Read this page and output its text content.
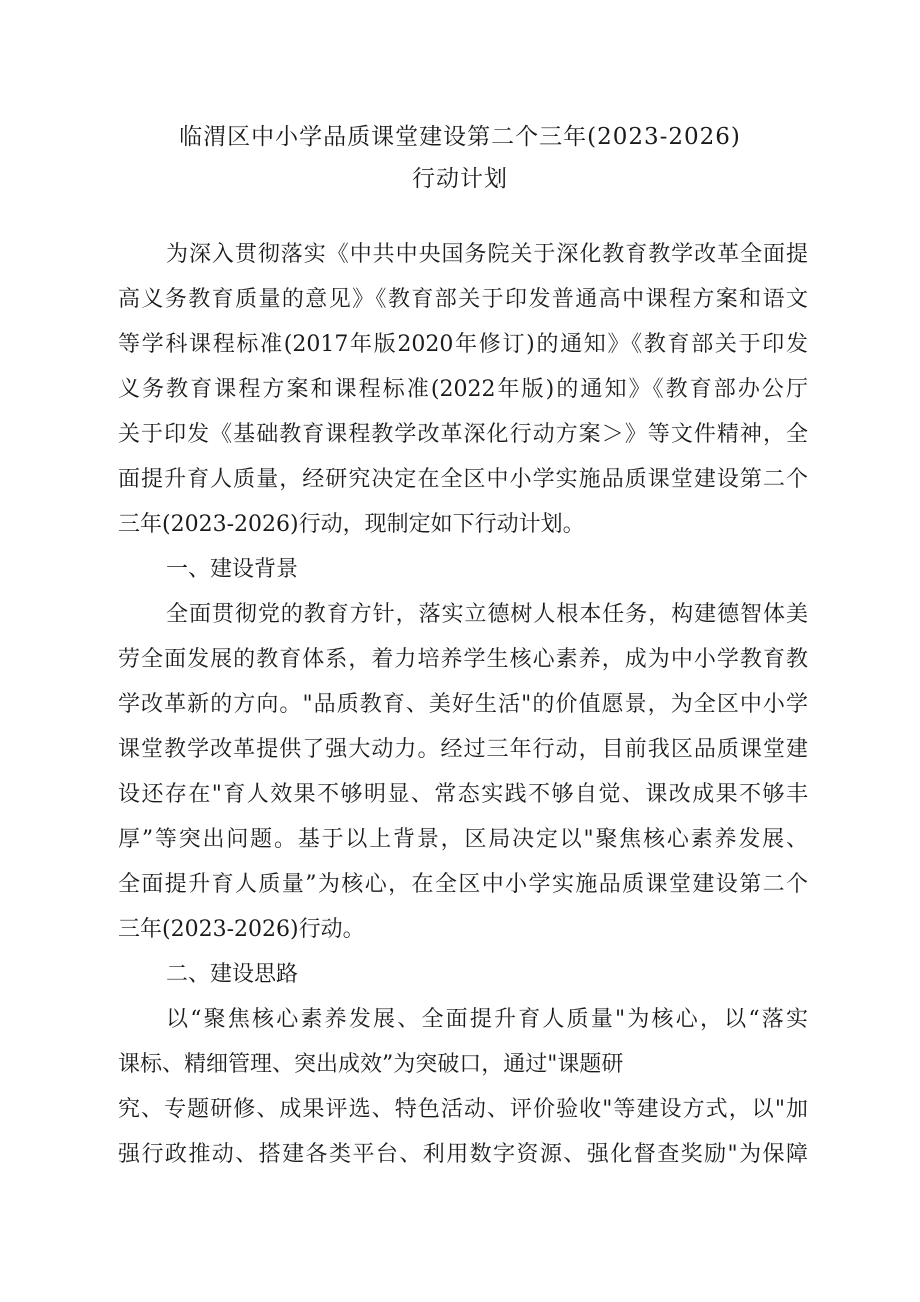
临渭区中小学品质课堂建设第二个三年(2023-2026)
行动计划
为深入贯彻落实《中共中央国务院关于深化教育教学改革全面提
高义务教育质量的意见》《教育部关于印发普通高中课程方案和语文
等学科课程标准(2017年版2020年修订)的通知》《教育部关于印发
义务教育课程方案和课程标准(2022年版)的通知》《教育部办公厅
关于印发《基础教育课程教学改革深化行动方案＞》等文件精神，全
面提升育人质量，经研究决定在全区中小学实施品质课堂建设第二个
三年(2023-2026)行动，现制定如下行动计划。
一、建设背景
全面贯彻党的教育方针，落实立德树人根本任务，构建德智体美
劳全面发展的教育体系，着力培养学生核心素养，成为中小学教育教
学改革新的方向。"品质教育、美好生活"的价值愿景，为全区中小学
课堂教学改革提供了强大动力。经过三年行动，目前我区品质课堂建
设还存在"育人效果不够明显、常态实践不够自觉、课改成果不够丰
厚”等突出问题。基于以上背景，区局决定以"聚焦核心素养发展、
全面提升育人质量”为核心，在全区中小学实施品质课堂建设第二个
三年(2023-2026)行动。
二、建设思路
以“聚焦核心素养发展、全面提升育人质量"为核心，以“落实
课标、精细管理、突出成效”为突破口，通过"课题研
究、专题研修、成果评选、特色活动、评价验收"等建设方式，以"加
强行政推动、搭建各类平台、利用数字资源、强化督查奖励"为保障
